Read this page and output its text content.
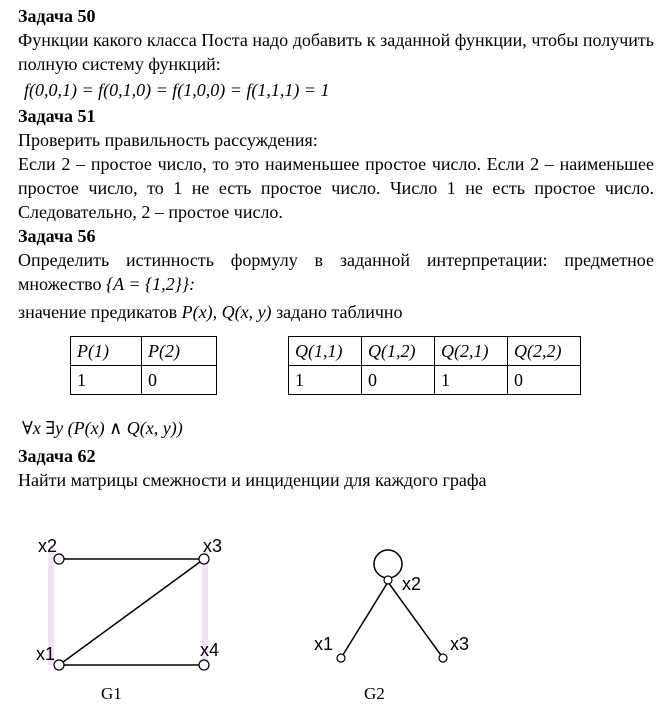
Задача 50
Функции какого класса Поста надо добавить к заданной функции, чтобы получить полную систему функций:
f(0,0,1) = f(0,1,0) = f(1,0,0) = f(1,1,1) = 1
Задача 51
Проверить правильность рассуждения:
Если 2 – простое число, то это наименьшее простое число. Если 2 – наименьшее простое число, то 1 не есть простое число. Число 1 не есть простое число. Следовательно, 2 – простое число.
Задача 56
Определить истинность формулу в заданной интерпретации: предметное множество {A = {1,2}}:
значение предикатов P(x), Q(x, y) задано таблично
P(1)	P(2)
1	0
Q(1,1)	Q(1,2)	Q(2,1)	Q(2,2)
1	0	1	0
∀x ∃y (P(x) ∧ Q(x, y))
Задача 62
Найти матрицы смежности и инциденции для каждого графа
x2	x3
x1	x4
G1
x2
x1	x3
G2
